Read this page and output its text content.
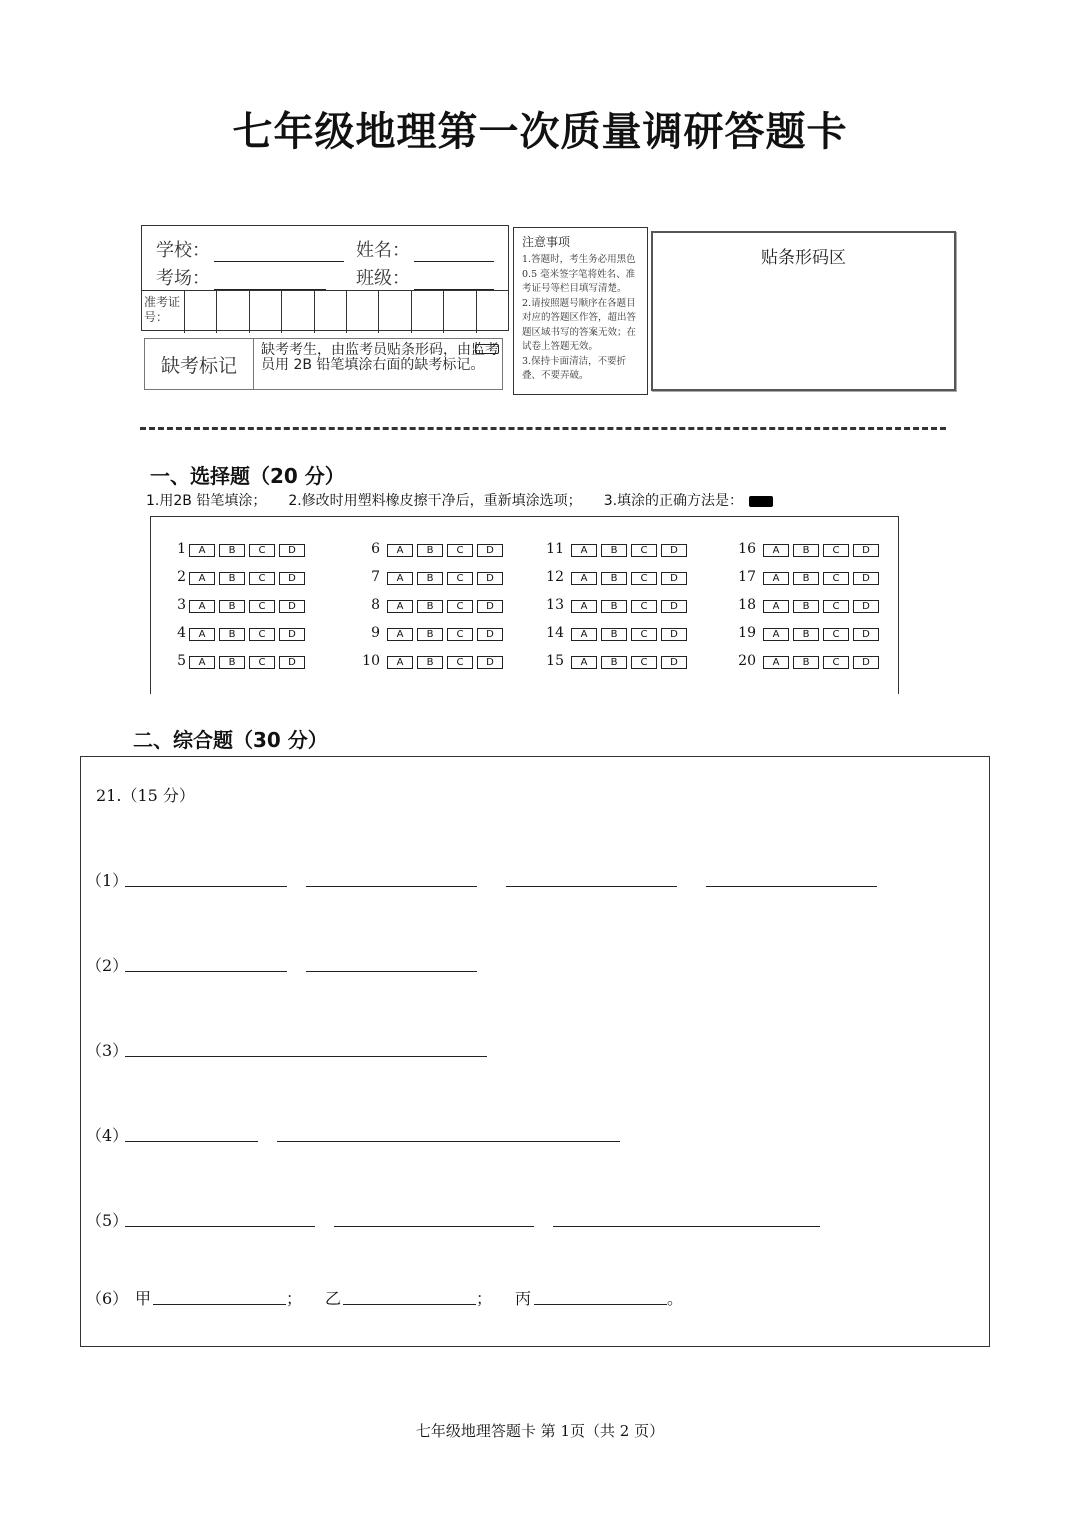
七年级地理第一次质量调研答题卡
学校：	姓名：
考场：	班级：
准考证号：
缺考标记
缺考考生，由监考员贴条形码，由监考员用 2B 铅笔填涂右面的缺考标记。
注意事项
1.答题时，考生务必用黑色0.5 毫米签字笔将姓名、准考证号等栏目填写清楚。
2.请按照题号顺序在各题目对应的答题区作答，超出答题区域书写的答案无效；在试卷上答题无效。
3.保持卡面清洁，不要折叠、不要弄破。
贴条形码区
一、选择题（20 分）
1.用2B 铅笔填涂； 2.修改时用塑料橡皮擦干净后，重新填涂选项； 3.填涂的正确方法是：
1	A	B	C	D
2	A	B	C	D
3	A	B	C	D
4	A	B	C	D
5	A	B	C	D
6	A	B	C	D
7	A	B	C	D
8	A	B	C	D
9	A	B	C	D
10	A	B	C	D
11	A	B	C	D
12	A	B	C	D
13	A	B	C	D
14	A	B	C	D
15	A	B	C	D
16	A	B	C	D
17	A	B	C	D
18	A	B	C	D
19	A	B	C	D
20	A	B	C	D
二、综合题（30 分）
21.（15 分）
（1）
（2）
（3）
（4）
（5）
（6） 甲	； 乙	； 丙	。
七年级地理答题卡 第 1页（共 2 页）
